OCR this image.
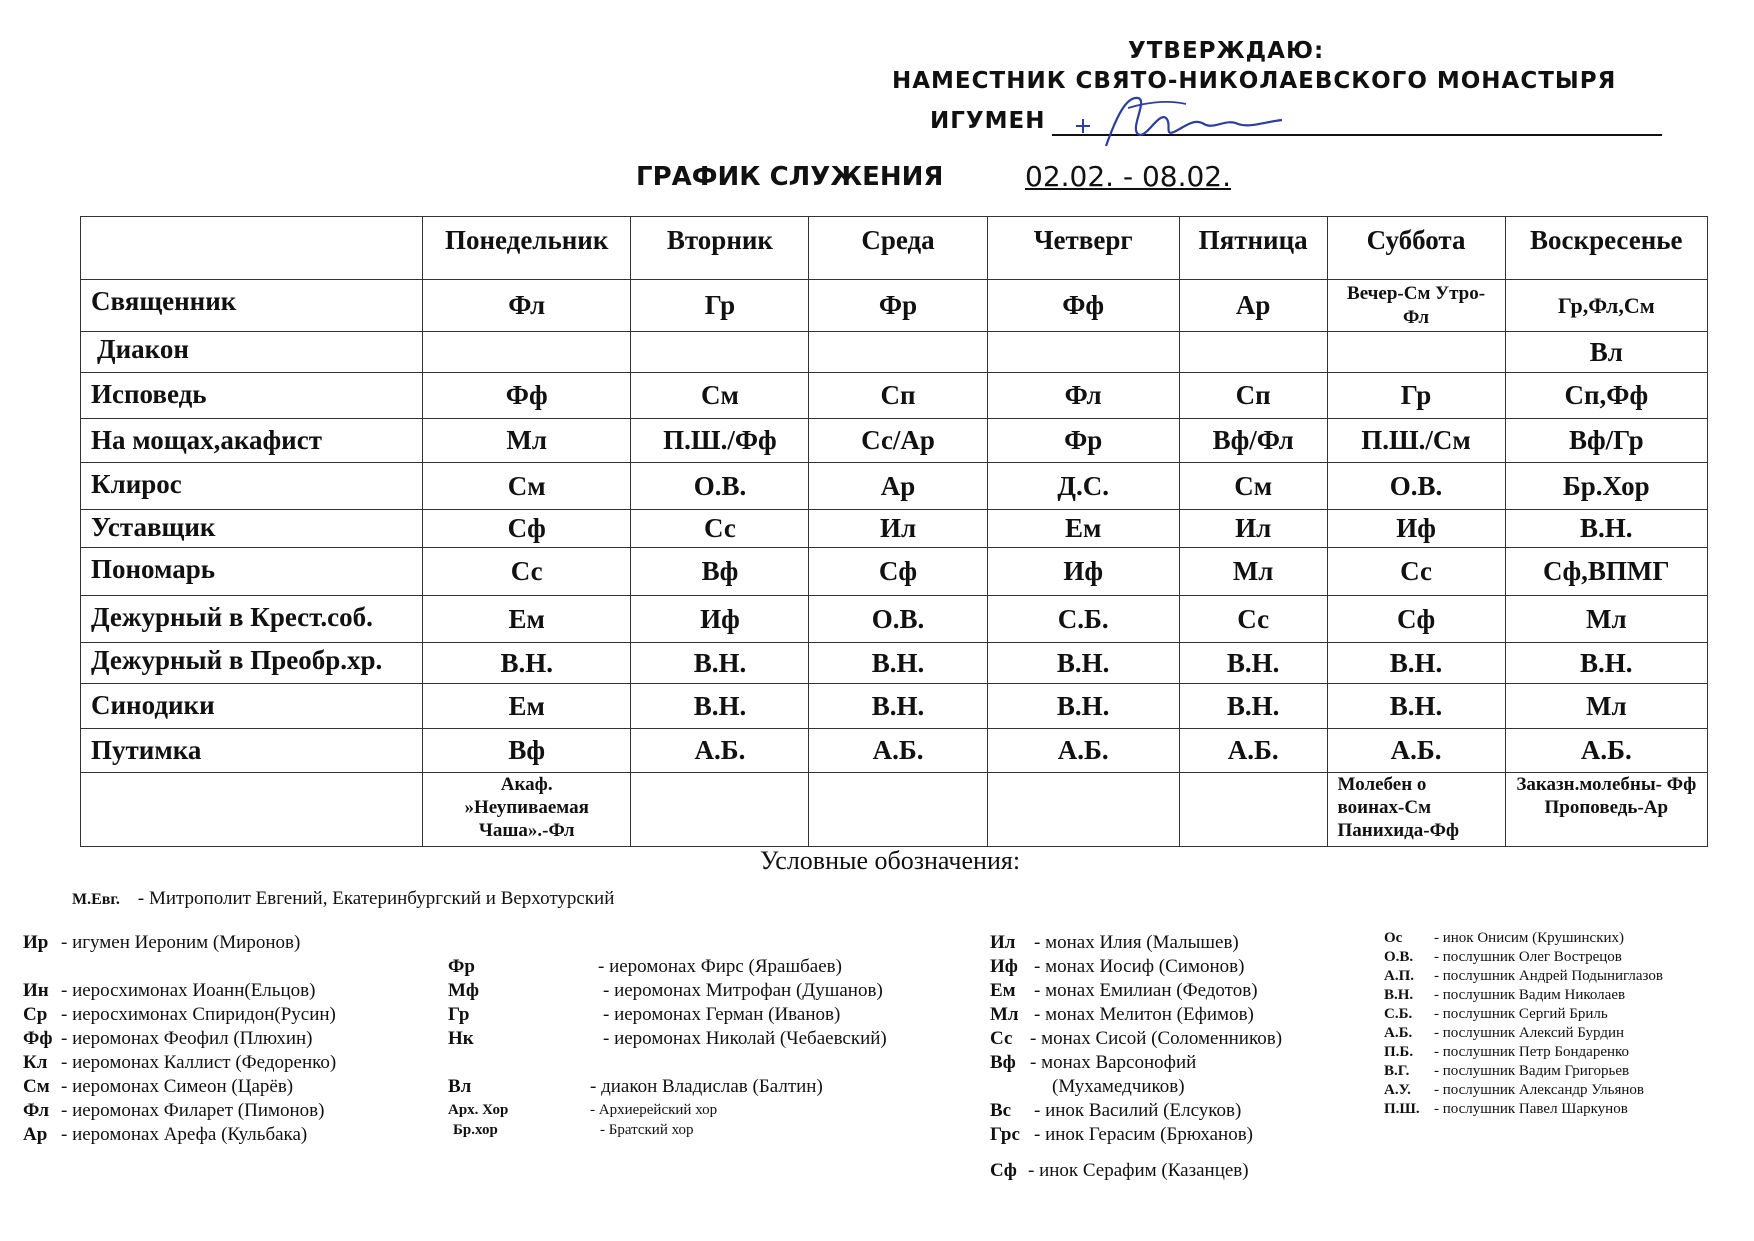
УТВЕРЖДАЮ:
НАМЕСТНИК СВЯТО-НИКОЛАЕВСКОГО МОНАСТЫРЯ
ИГУМЕН
ГРАФИК СЛУЖЕНИЯ	02.02. - 08.02.
	Понедельник	Вторник	Среда	Четверг	Пятница	Суббота	Воскресенье
Священник	Фл	Гр	Фр	Фф	Ар	Вечер-См Утро-Фл	Гр,Фл,См
Диакон							Вл
Исповедь	Фф	См	Сп	Фл	Сп	Гр	Сп,Фф
На мощах,акафист	Мл	П.Ш./Фф	Сс/Ар	Фр	Вф/Фл	П.Ш./См	Вф/Гр
Клирос	См	О.В.	Ар	Д.С.	См	О.В.	Бр.Хор
Уставщик	Сф	Сс	Ил	Ем	Ил	Иф	В.Н.
Пономарь	Сс	Вф	Сф	Иф	Мл	Сс	Сф,ВПМГ
Дежурный в Крест.соб.	Ем	Иф	О.В.	С.Б.	Сс	Сф	Мл
Дежурный в Преобр.хр.	В.Н.	В.Н.	В.Н.	В.Н.	В.Н.	В.Н.	В.Н.
Синодики	Ем	В.Н.	В.Н.	В.Н.	В.Н.	В.Н.	Мл
Путимка	Вф	А.Б.	А.Б.	А.Б.	А.Б.	А.Б.	А.Б.
	Акаф. »Неупиваемая Чаша».-Фл					Молебен о воинах-См Панихида-Фф	Заказн.молебны- Фф Проповедь-Ар
Условные обозначения:
М.Евг. - Митрополит Евгений, Екатеринбургский и Верхотурский
Ир - игумен Иероним (Миронов)
Ин - иеросхимонах Иоанн(Ельцов)
Ср - иеросхимонах Спиридон(Русин)
Фф - иеромонах Феофил (Плюхин)
Кл - иеромонах Каллист (Федоренко)
См - иеромонах Симеон (Царёв)
Фл - иеромонах Филарет (Пимонов)
Ар - иеромонах Арефа (Кульбака)
Фр	- иеромонах Фирс (Ярашбаев)
Мф	- иеромонах Митрофан (Душанов)
Гр	- иеромонах Герман (Иванов)
Нк	- иеромонах Николай (Чебаевский)
Вл	- диакон Владислав (Балтин)
Арх. Хор	- Архиерейский хор
Бр.хор	- Братский хор
Ил - монах Илия (Малышев)
Иф - монах Иосиф (Симонов)
Ем - монах Емилиан (Федотов)
Мл - монах Мелитон (Ефимов)
Сс - монах Сисой (Соломенников)
Вф - монах Варсонофий
(Мухамедчиков)
Вс - инок Василий (Елсуков)
Грс - инок Герасим (Брюханов)
Сф - инок Серафим (Казанцев)
Ос - инок Онисим (Крушинских)
О.В. - послушник Олег Вострецов
А.П. - послушник Андрей Подыниглазов
В.Н. - послушник Вадим Николаев
С.Б. - послушник Сергий Бриль
А.Б. - послушник Алексий Бурдин
П.Б. - послушник Петр Бондаренко
В.Г. - послушник Вадим Григорьев
А.У. - послушник Александр Ульянов
П.Ш. - послушник Павел Шаркунов
